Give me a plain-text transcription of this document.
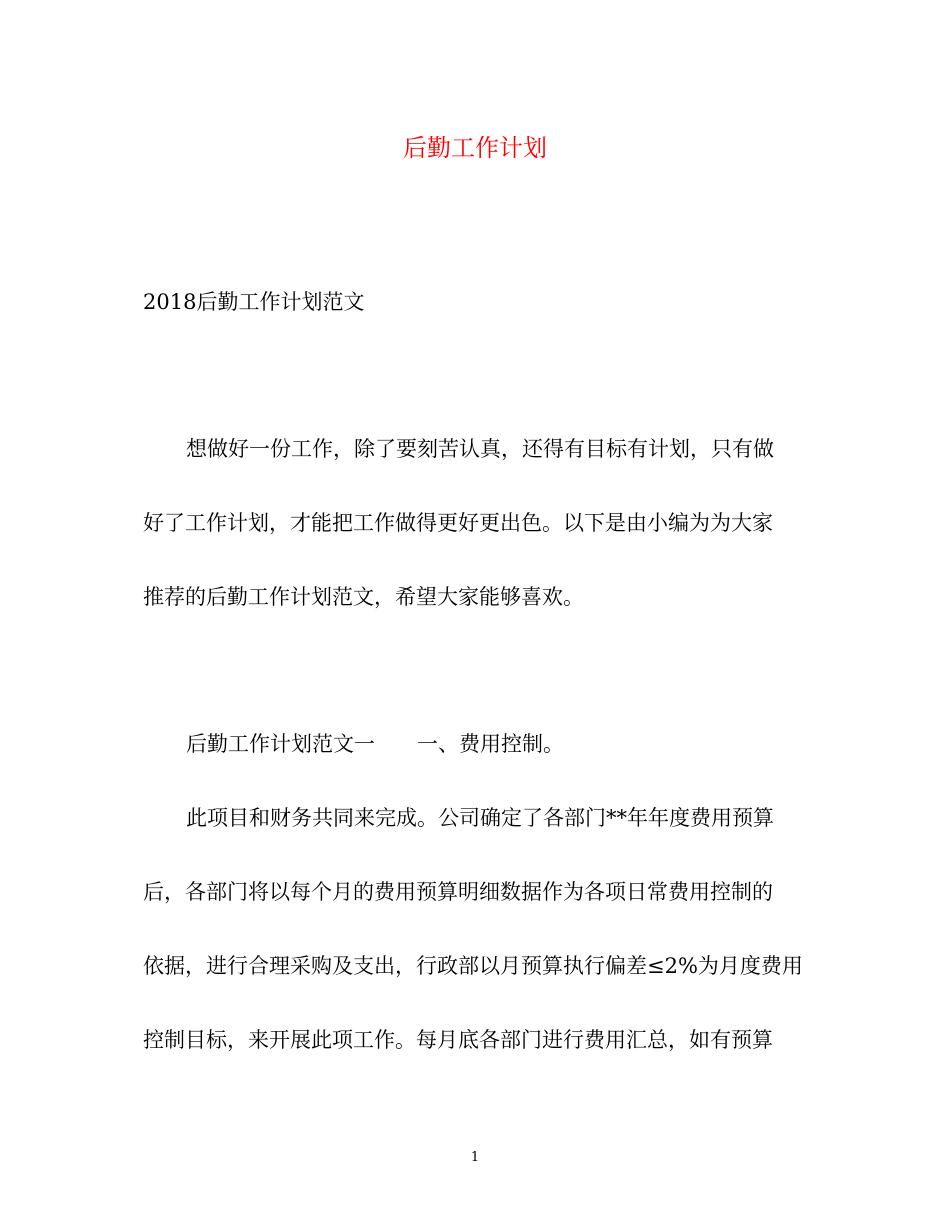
后勤工作计划
2018后勤工作计划范文
想做好一份工作，除了要刻苦认真，还得有目标有计划，只有做
好了工作计划，才能把工作做得更好更出色。以下是由小编为为大家
推荐的后勤工作计划范文，希望大家能够喜欢。
后勤工作计划范文一 一、费用控制。
此项目和财务共同来完成。公司确定了各部门**年年度费用预算
后，各部门将以每个月的费用预算明细数据作为各项日常费用控制的
依据，进行合理采购及支出，行政部以月预算执行偏差≤2%为月度费用
控制目标，来开展此项工作。每月底各部门进行费用汇总，如有预算
1
